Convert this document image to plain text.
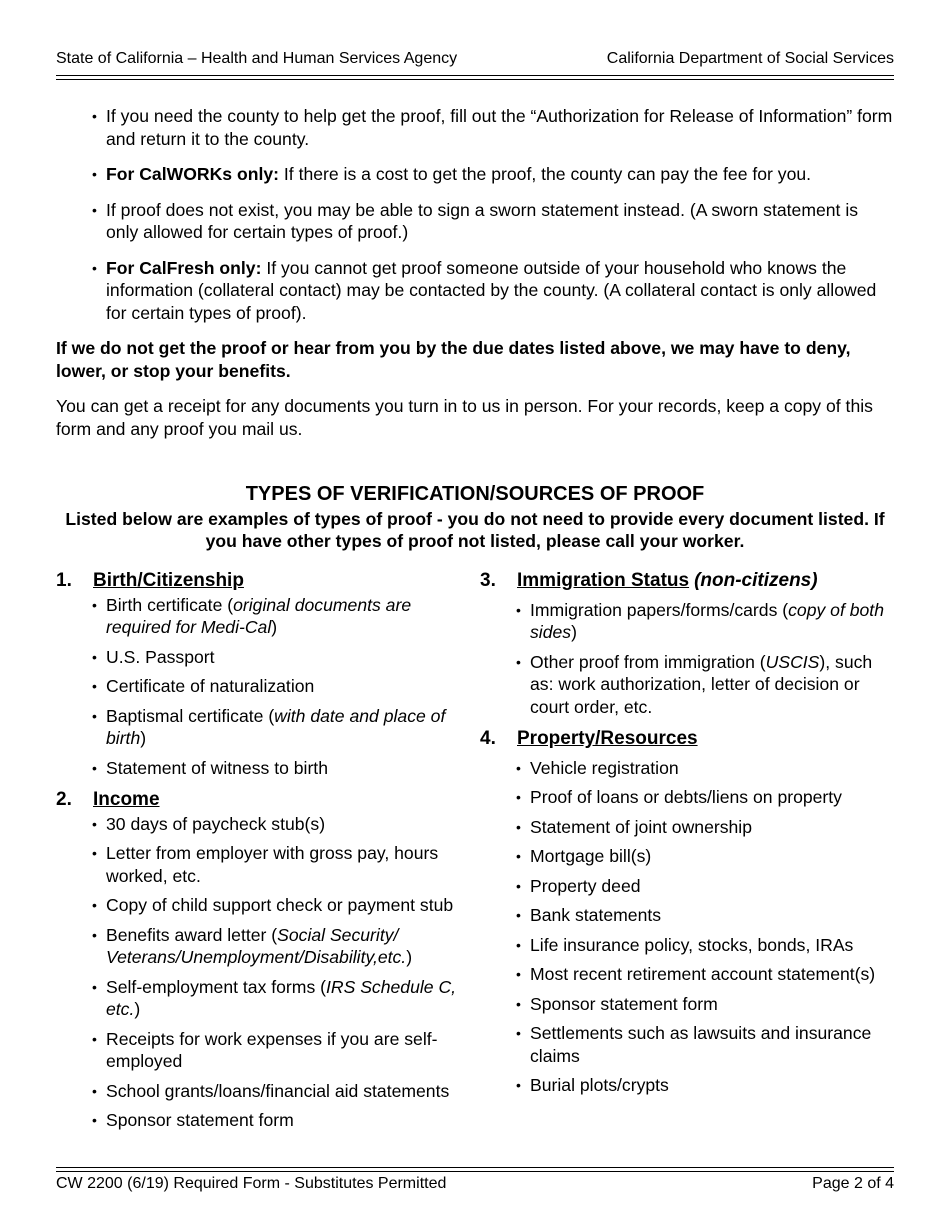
State of California – Health and Human Services Agency	California Department of Social Services
• If you need the county to help get the proof, fill out the “Authorization for Release of Information” form and return it to the county.
• For CalWORKs only: If there is a cost to get the proof, the county can pay the fee for you.
• If proof does not exist, you may be able to sign a sworn statement instead. (A sworn statement is only allowed for certain types of proof.)
• For CalFresh only: If you cannot get proof someone outside of your household who knows the information (collateral contact) may be contacted by the county. (A collateral contact is only allowed for certain types of proof).

If we do not get the proof or hear from you by the due dates listed above, we may have to deny, lower, or stop your benefits.

You can get a receipt for any documents you turn in to us in person. For your records, keep a copy of this form and any proof you mail us.

TYPES OF VERIFICATION/SOURCES OF PROOF
Listed below are examples of types of proof - you do not need to provide every document listed. If you have other types of proof not listed, please call your worker.
1.	Birth/Citizenship
• Birth certificate (original documents are required for Medi-Cal)
• U.S. Passport
• Certificate of naturalization
• Baptismal certificate (with date and place of birth)
• Statement of witness to birth
2.	Income
• 30 days of paycheck stub(s)
• Letter from employer with gross pay, hours worked, etc.
• Copy of child support check or payment stub
• Benefits award letter (Social Security/ Veterans/Unemployment/Disability,etc.)
• Self-employment tax forms (IRS Schedule C, etc.)
• Receipts for work expenses if you are self-employed
• School grants/loans/financial aid statements
• Sponsor statement form
3.	Immigration Status (non-citizens)
• Immigration papers/forms/cards (copy of both sides)
• Other proof from immigration (USCIS), such as: work authorization, letter of decision or court order, etc.
4.	Property/Resources
• Vehicle registration
• Proof of loans or debts/liens on property
• Statement of joint ownership
• Mortgage bill(s)
• Property deed
• Bank statements
• Life insurance policy, stocks, bonds, IRAs
• Most recent retirement account statement(s)
• Sponsor statement form
• Settlements such as lawsuits and insurance claims
• Burial plots/crypts
CW 2200 (6/19) Required Form - Substitutes Permitted	Page 2 of 4
